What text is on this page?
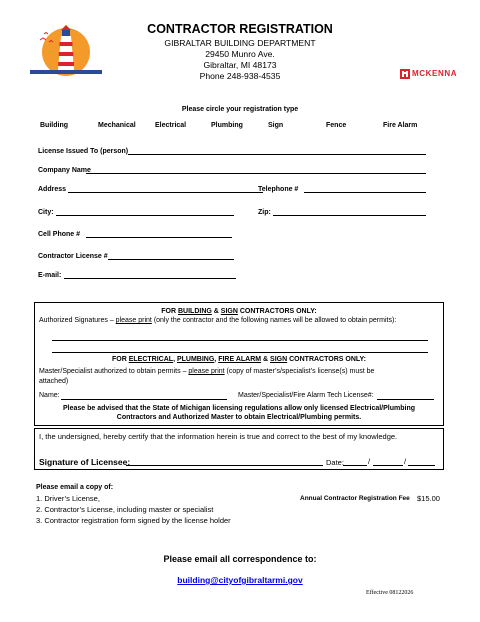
CONTRACTOR REGISTRATION
GIBRALTAR BUILDING DEPARTMENT
29450 Munro Ave.
Gibraltar, MI 48173
Phone 248-938-4535	MCKENNA
Please circle your registration type
Building	Mechanical	Electrical	Plumbing	Sign	Fence	Fire Alarm
License Issued To (person)
Company Name
Address	Telephone #
City:	Zip:
Cell Phone #
Contractor License #
E-mail:
FOR BUILDING & SIGN CONTRACTORS ONLY:
Authorized Signatures – please print (only the contractor and the following names will be allowed to obtain permits):
FOR ELECTRICAL, PLUMBING, FIRE ALARM & SIGN CONTRACTORS ONLY:
Master/Specialist authorized to obtain permits – please print (copy of master’s/specialist’s license(s) must be
attached)
Name:	Master/Specialist/Fire Alarm Tech License#:
Please be advised that the State of Michigan licensing regulations allow only licensed Electrical/Plumbing
Contractors and Authorized Master to obtain Electrical/Plumbing permits.
I, the undersigned, hereby certify that the information herein is true and correct to the best of my knowledge.
Signature of Licensee:	Date:	/	/
Please email a copy of:
1. Driver’s License,
2. Contractor’s License, including master or specialist
3. Contractor registration form signed by the license holder
Annual Contractor Registration Fee $15.00
Please email all correspondence to:
building@cityofgibraltarmi.gov
Effective 08122026
